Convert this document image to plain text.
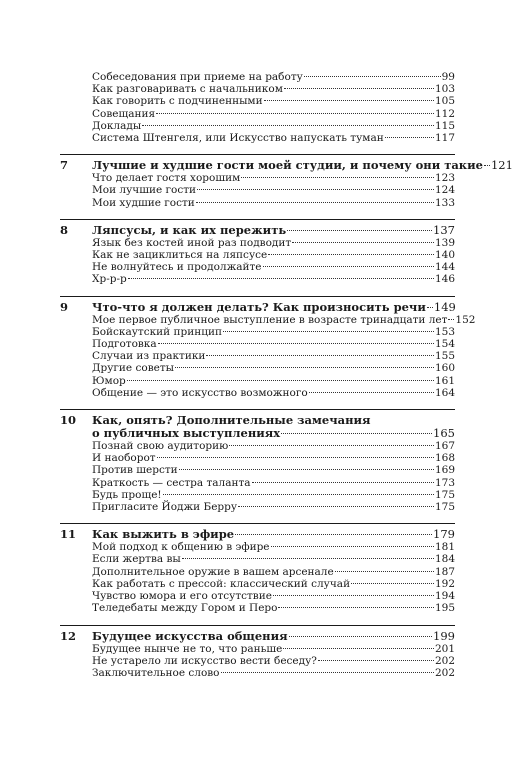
Собеседования при приеме на работу	99
Как разговаривать с начальником	103
Как говорить с подчиненными	105
Совещания	112
Доклады	115
Система Штенгеля, или Искусство напускать туман	117
7	Лучшие и худшие гости моей студии, и почему они такие 121
Что делает гостя хорошим	123
Мои лучшие гости	124
Мои худшие гости	133
8	Ляпсусы, и как их пережить	137
Язык без костей иной раз подводит	139
Как не зациклиться на ляпсусе	140
Не волнуйтесь и продолжайте	144
Хр-р-р	146
9	Что-что я должен делать? Как произносить речи 149
Мое первое публичное выступление в возрасте тринадцати лет 152
Бойскаутский принцип	153
Подготовка	154
Случаи из практики	155
Другие советы	160
Юмор	161
Общение — это искусство возможного	164
10	Как, опять? Дополнительные замечания
о публичных выступлениях	165
Познай свою аудиторию	167
И наоборот	168
Против шерсти	169
Краткость — сестра таланта	173
Будь проще!	175
Пригласите Йоджи Берру	175
11	Как выжить в эфире	179
Мой подход к общению в эфире	181
Если жертва вы	184
Дополнительное оружие в вашем арсенале	187
Как работать с прессой: классический случай	192
Чувство юмора и его отсутствие	194
Теледебаты между Гором и Перо	195
12	Будущее искусства общения	199
Будущее нынче не то, что раньше	201
Не устарело ли искусство вести беседу?	202
Заключительное слово	202
